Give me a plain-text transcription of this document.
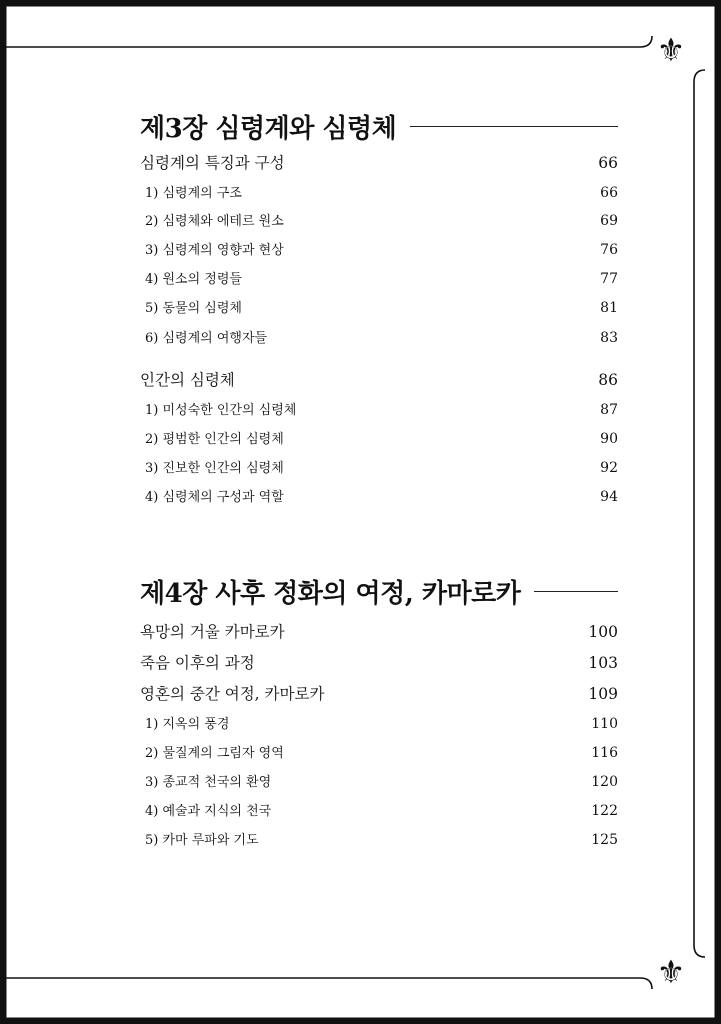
⚜
⚜
제3장 심령계와 심령체
심령계의 특징과 구성	66
1) 심령계의 구조	66
2) 심령체와 에테르 원소	69
3) 심령계의 영향과 현상	76
4) 원소의 정령들	77
5) 동물의 심령체	81
6) 심령계의 여행자들	83
인간의 심령체	86
1) 미성숙한 인간의 심령체	87
2) 평범한 인간의 심령체	90
3) 진보한 인간의 심령체	92
4) 심령체의 구성과 역할	94
제4장 사후 정화의 여정, 카마로카
욕망의 거울 카마로카	100
죽음 이후의 과정	103
영혼의 중간 여정, 카마로카	109
1) 지옥의 풍경	110
2) 물질계의 그림자 영역	116
3) 종교적 천국의 환영	120
4) 예술과 지식의 천국	122
5) 카마 루파와 기도	125
